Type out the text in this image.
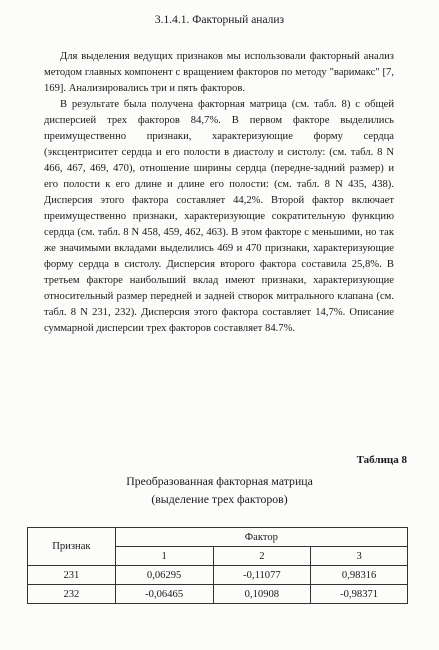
3.1.4.1. Факторный анализ

Для выделения ведущих признаков мы использовали факторный анализ методом главных компонент с вращением факторов по методу "варимакс" [7, 169]. Анализировались три и пять факторов.

В результате была получена факторная матрица (см. табл. 8) с общей дисперсией трех факторов 84,7%. В первом факторе выделились преимущественно признаки, характеризующие форму сердца (эксцентриситет сердца и его полости в диастолу и систолу: (см. табл. 8 N 466, 467, 469, 470), отношение ширины сердца (передне-задний размер) и его полости к его длине и длине его полости: (см. табл. 8 N 435, 438). Дисперсия этого фактора составляет 44,2%. Второй фактор включает преимущественно признаки, характеризующие сократительную функцию сердца (см. табл. 8 N 458, 459, 462, 463). В этом факторе с меньшими, но так же значимыми вкладами выделились 469 и 470 признаки, характеризующие форму сердца в систолу. Дисперсия второго фактора составила 25,8%. В третьем факторе наибольший вклад имеют признаки, характеризующие относительный размер передней и задней створок митрального клапана (см. табл. 8 N 231, 232). Дисперсия этого фактора составляет 14,7%. Описание суммарной дисперсии трех факторов составляет 84.7%.

Таблица 8
Преобразованная факторная матрица
(выделение трех факторов)
Признак	Фактор		
	1	2	3
231	0,06295	-0,11077	0,98316
232	-0,06465	0,10908	-0,98371
